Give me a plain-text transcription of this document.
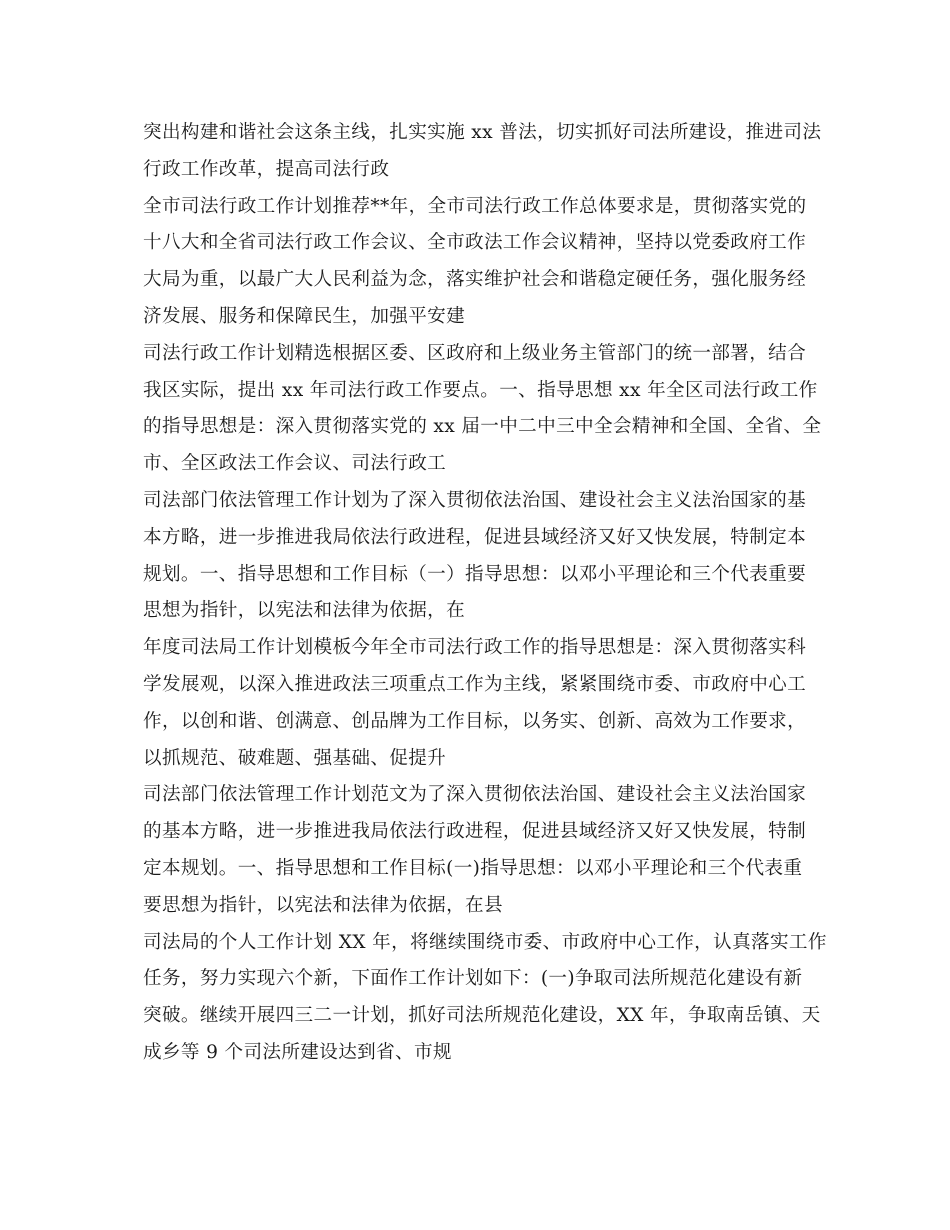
突出构建和谐社会这条主线，扎实实施 xx 普法，切实抓好司法所建设，推进司法
行政工作改革，提高司法行政
全市司法行政工作计划推荐**年，全市司法行政工作总体要求是，贯彻落实党的
十八大和全省司法行政工作会议、全市政法工作会议精神，坚持以党委政府工作
大局为重，以最广大人民利益为念，落实维护社会和谐稳定硬任务，强化服务经
济发展、服务和保障民生，加强平安建
司法行政工作计划精选根据区委、区政府和上级业务主管部门的统一部署，结合
我区实际，提出 xx 年司法行政工作要点。一、指导思想 xx 年全区司法行政工作
的指导思想是：深入贯彻落实党的 xx 届一中二中三中全会精神和全国、全省、全
市、全区政法工作会议、司法行政工
司法部门依法管理工作计划为了深入贯彻依法治国、建设社会主义法治国家的基
本方略，进一步推进我局依法行政进程，促进县域经济又好又快发展，特制定本
规划。一、指导思想和工作目标（一）指导思想：以邓小平理论和三个代表重要
思想为指针，以宪法和法律为依据，在
年度司法局工作计划模板今年全市司法行政工作的指导思想是：深入贯彻落实科
学发展观，以深入推进政法三项重点工作为主线，紧紧围绕市委、市政府中心工
作，以创和谐、创满意、创品牌为工作目标，以务实、创新、高效为工作要求，
以抓规范、破难题、强基础、促提升
司法部门依法管理工作计划范文为了深入贯彻依法治国、建设社会主义法治国家
的基本方略，进一步推进我局依法行政进程，促进县域经济又好又快发展，特制
定本规划。一、指导思想和工作目标(一)指导思想：以邓小平理论和三个代表重
要思想为指针，以宪法和法律为依据，在县
司法局的个人工作计划 XX 年，将继续围绕市委、市政府中心工作，认真落实工作
任务，努力实现六个新，下面作工作计划如下：(一)争取司法所规范化建设有新
突破。继续开展四三二一计划，抓好司法所规范化建设，XX 年，争取南岳镇、天
成乡等 9 个司法所建设达到省、市规
